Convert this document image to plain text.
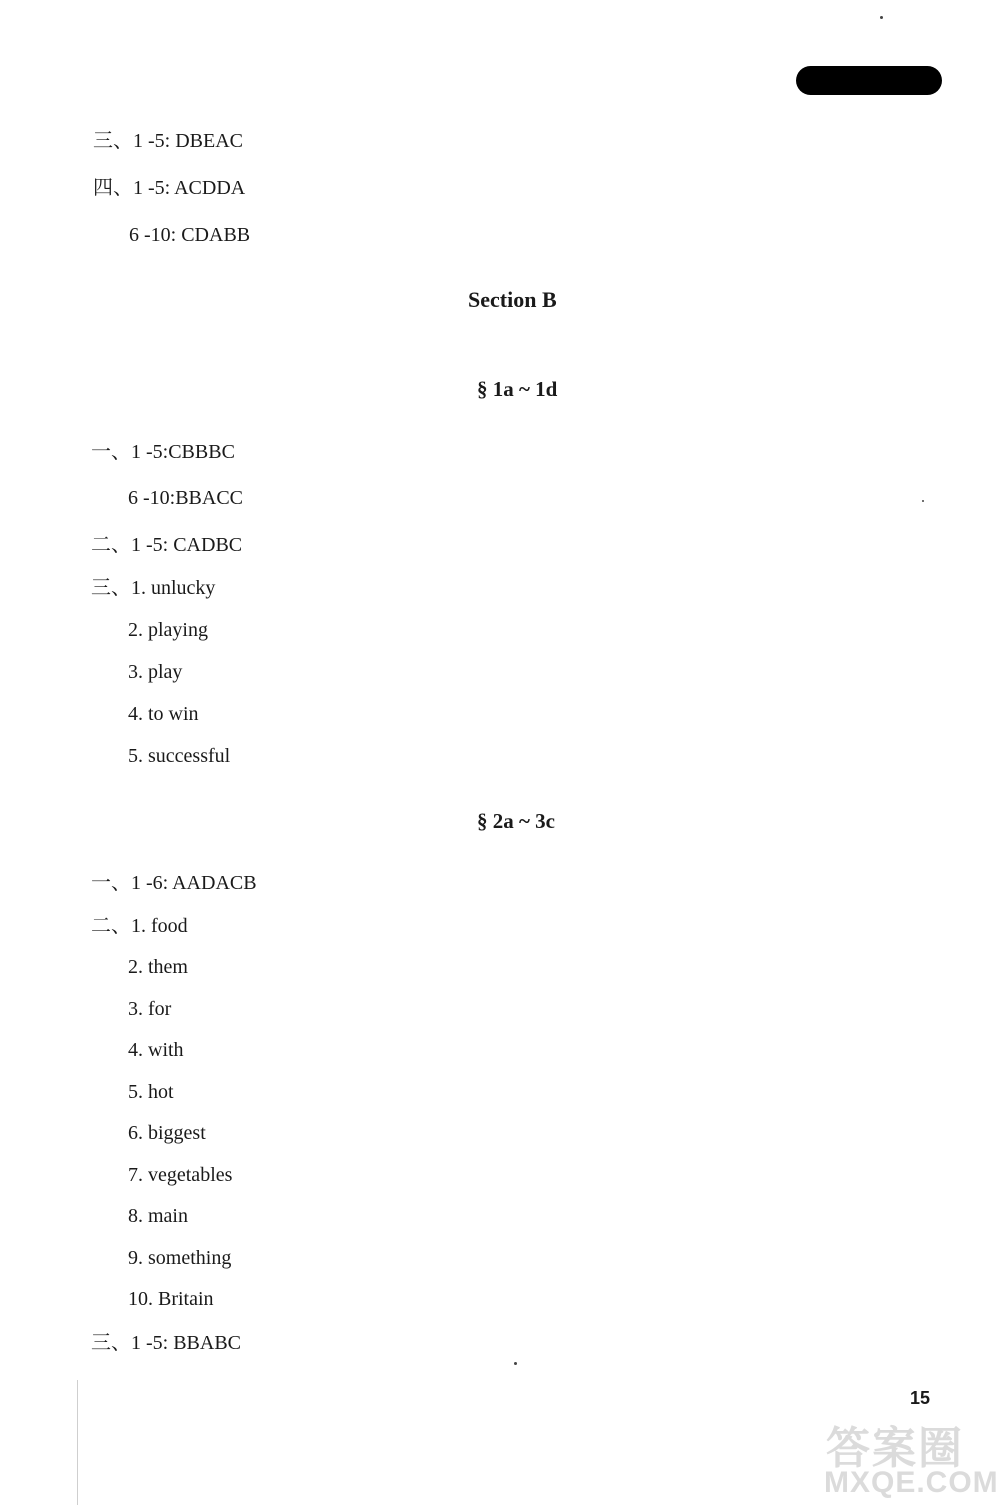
三、1 -5: DBEAC
四、1 -5: ACDDA
6 -10: CDABB
Section B
§ 1a ~ 1d
一、1 -5:CBBBC
6 -10:BBACC
二、1 -5: CADBC
三、1. unlucky
2. playing
3. play
4. to win
5. successful
§ 2a ~ 3c
一、1 -6: AADACB
二、1. food
2. them
3. for
4. with
5. hot
6. biggest
7. vegetables
8. main
9. something
10. Britain
三、1 -5: BBABC
15
答案圈
MXQE.COM
